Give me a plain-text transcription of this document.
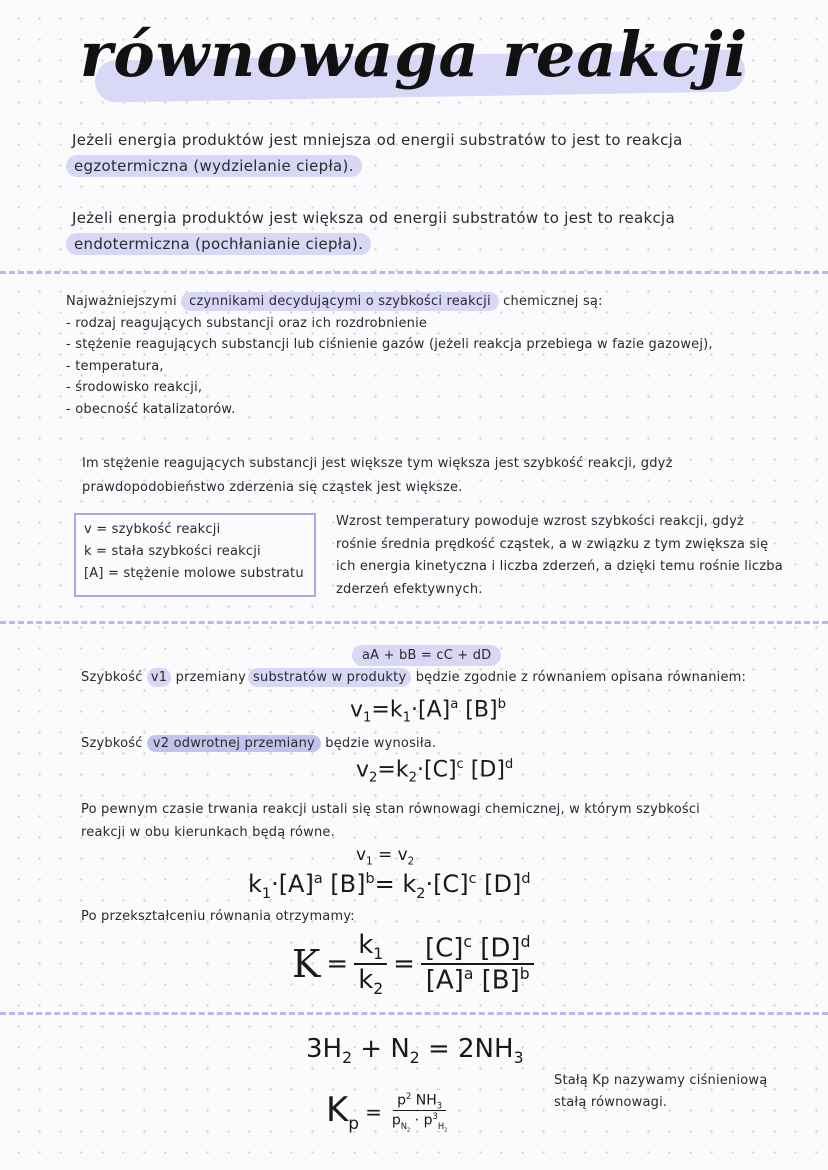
równowaga reakcji
Jeżeli energia produktów jest mniejsza od energii substratów to jest to reakcja
egzotermiczna (wydzielanie ciepła).
Jeżeli energia produktów jest większa od energii substratów to jest to reakcja
endotermiczna (pochłanianie ciepła).
Najważniejszymi czynnikami decydującymi o szybkości reakcji chemicznej są:
- rodzaj reagujących substancji oraz ich rozdrobnienie
- stężenie reagujących substancji lub ciśnienie gazów (jeżeli reakcja przebiega w fazie gazowej),
- temperatura,
- środowisko reakcji,
- obecność katalizatorów.
Im stężenie reagujących substancji jest większe tym większa jest szybkość reakcji, gdyż
prawdopodobieństwo zderzenia się cząstek jest większe.
v = szybkość reakcji
k = stała szybkości reakcji
[A] = stężenie molowe substratu
Wzrost temperatury powoduje wzrost szybkości reakcji, gdyż
rośnie średnia prędkość cząstek, a w związku z tym zwiększa się
ich energia kinetyczna i liczba zderzeń, a dzięki temu rośnie liczba
zderzeń efektywnych.
aA + bB = cC + dD
Szybkość v1 przemiany substratów w produkty będzie zgodnie z równaniem opisana równaniem:
$v_1=k_1\cdot[A]^a$ $[B]^b$
Szybkość v2 odwrotnej przemiany będzie wynosiła.
$v_2=k_2\cdot[C]^c$ $[D]^d$
Po pewnym czasie trwania reakcji ustali się stan równowagi chemicznej, w którym szybkości
reakcji w obu kierunkach będą równe.
$v_1 = v_2$
$k_1\cdot[A]^a$ $[B]^b= k_2\cdot[C]^c$ $[D]^d$
Po przekształceniu równania otrzymamy:
$K = \frac{k_1}{k_2} = \frac{[C]^c [D]^d}{[A]^a [B]^b}$
$3H_2 + N_2 = 2NH_3$
$K_p = \frac{p^2 NH_3}{p_{N_2} \cdot p^3_{H_2}}$
Stałą Kp nazywamy ciśnieniową
stałą równowagi.
